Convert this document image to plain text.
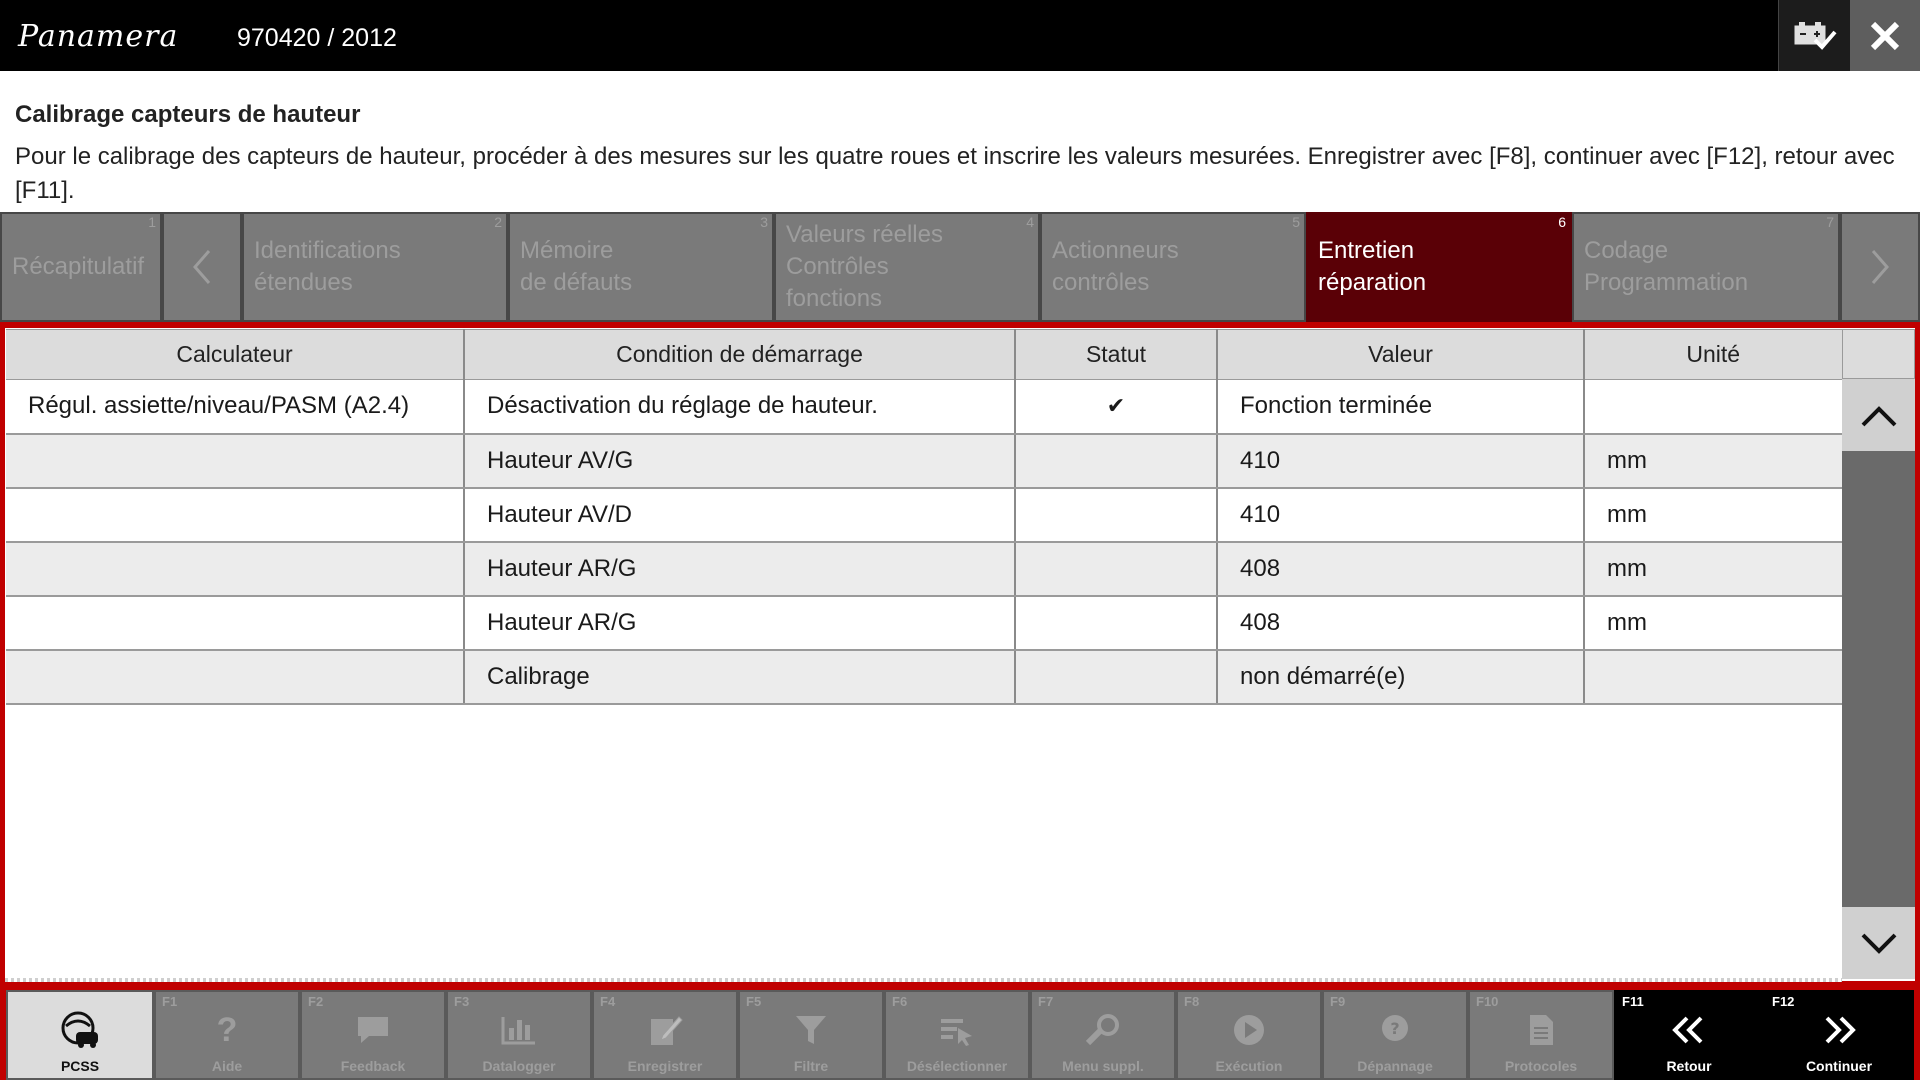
Panamera 970420 / 2012
Calibrage capteurs de hauteur
Pour le calibrage des capteurs de hauteur, procéder à des mesures sur les quatre roues et inscrire les valeurs mesurées. Enregistrer avec [F8], continuer avec [F12], retour avec [F11].
1
Récapitulatif
2
Identifications
étendues
3
Mémoire
de défauts
4
Valeurs réelles
Contrôles
fonctions
5
Actionneurs
contrôles
6
Entretien
réparation
7
Codage
Programmation
Calculateur	Condition de démarrage	Statut	Valeur	Unité
Régul. assiette/niveau/PASM (A2.4)	Désactivation du réglage de hauteur.	✔	Fonction terminée	
	Hauteur AV/G		410	mm
	Hauteur AV/D		410	mm
	Hauteur AR/G		408	mm
	Hauteur AR/G		408	mm
	Calibrage		non démarré(e)	
PCSS
F1
?
Aide
F2
Feedback
F3
Datalogger
F4
Enregistrer
F5
Filtre
F6
Désélectionner
F7
Menu suppl.
F8
Exécution
F9
?
Dépannage
F10
Protocoles
F11
Retour
F12
Continuer
